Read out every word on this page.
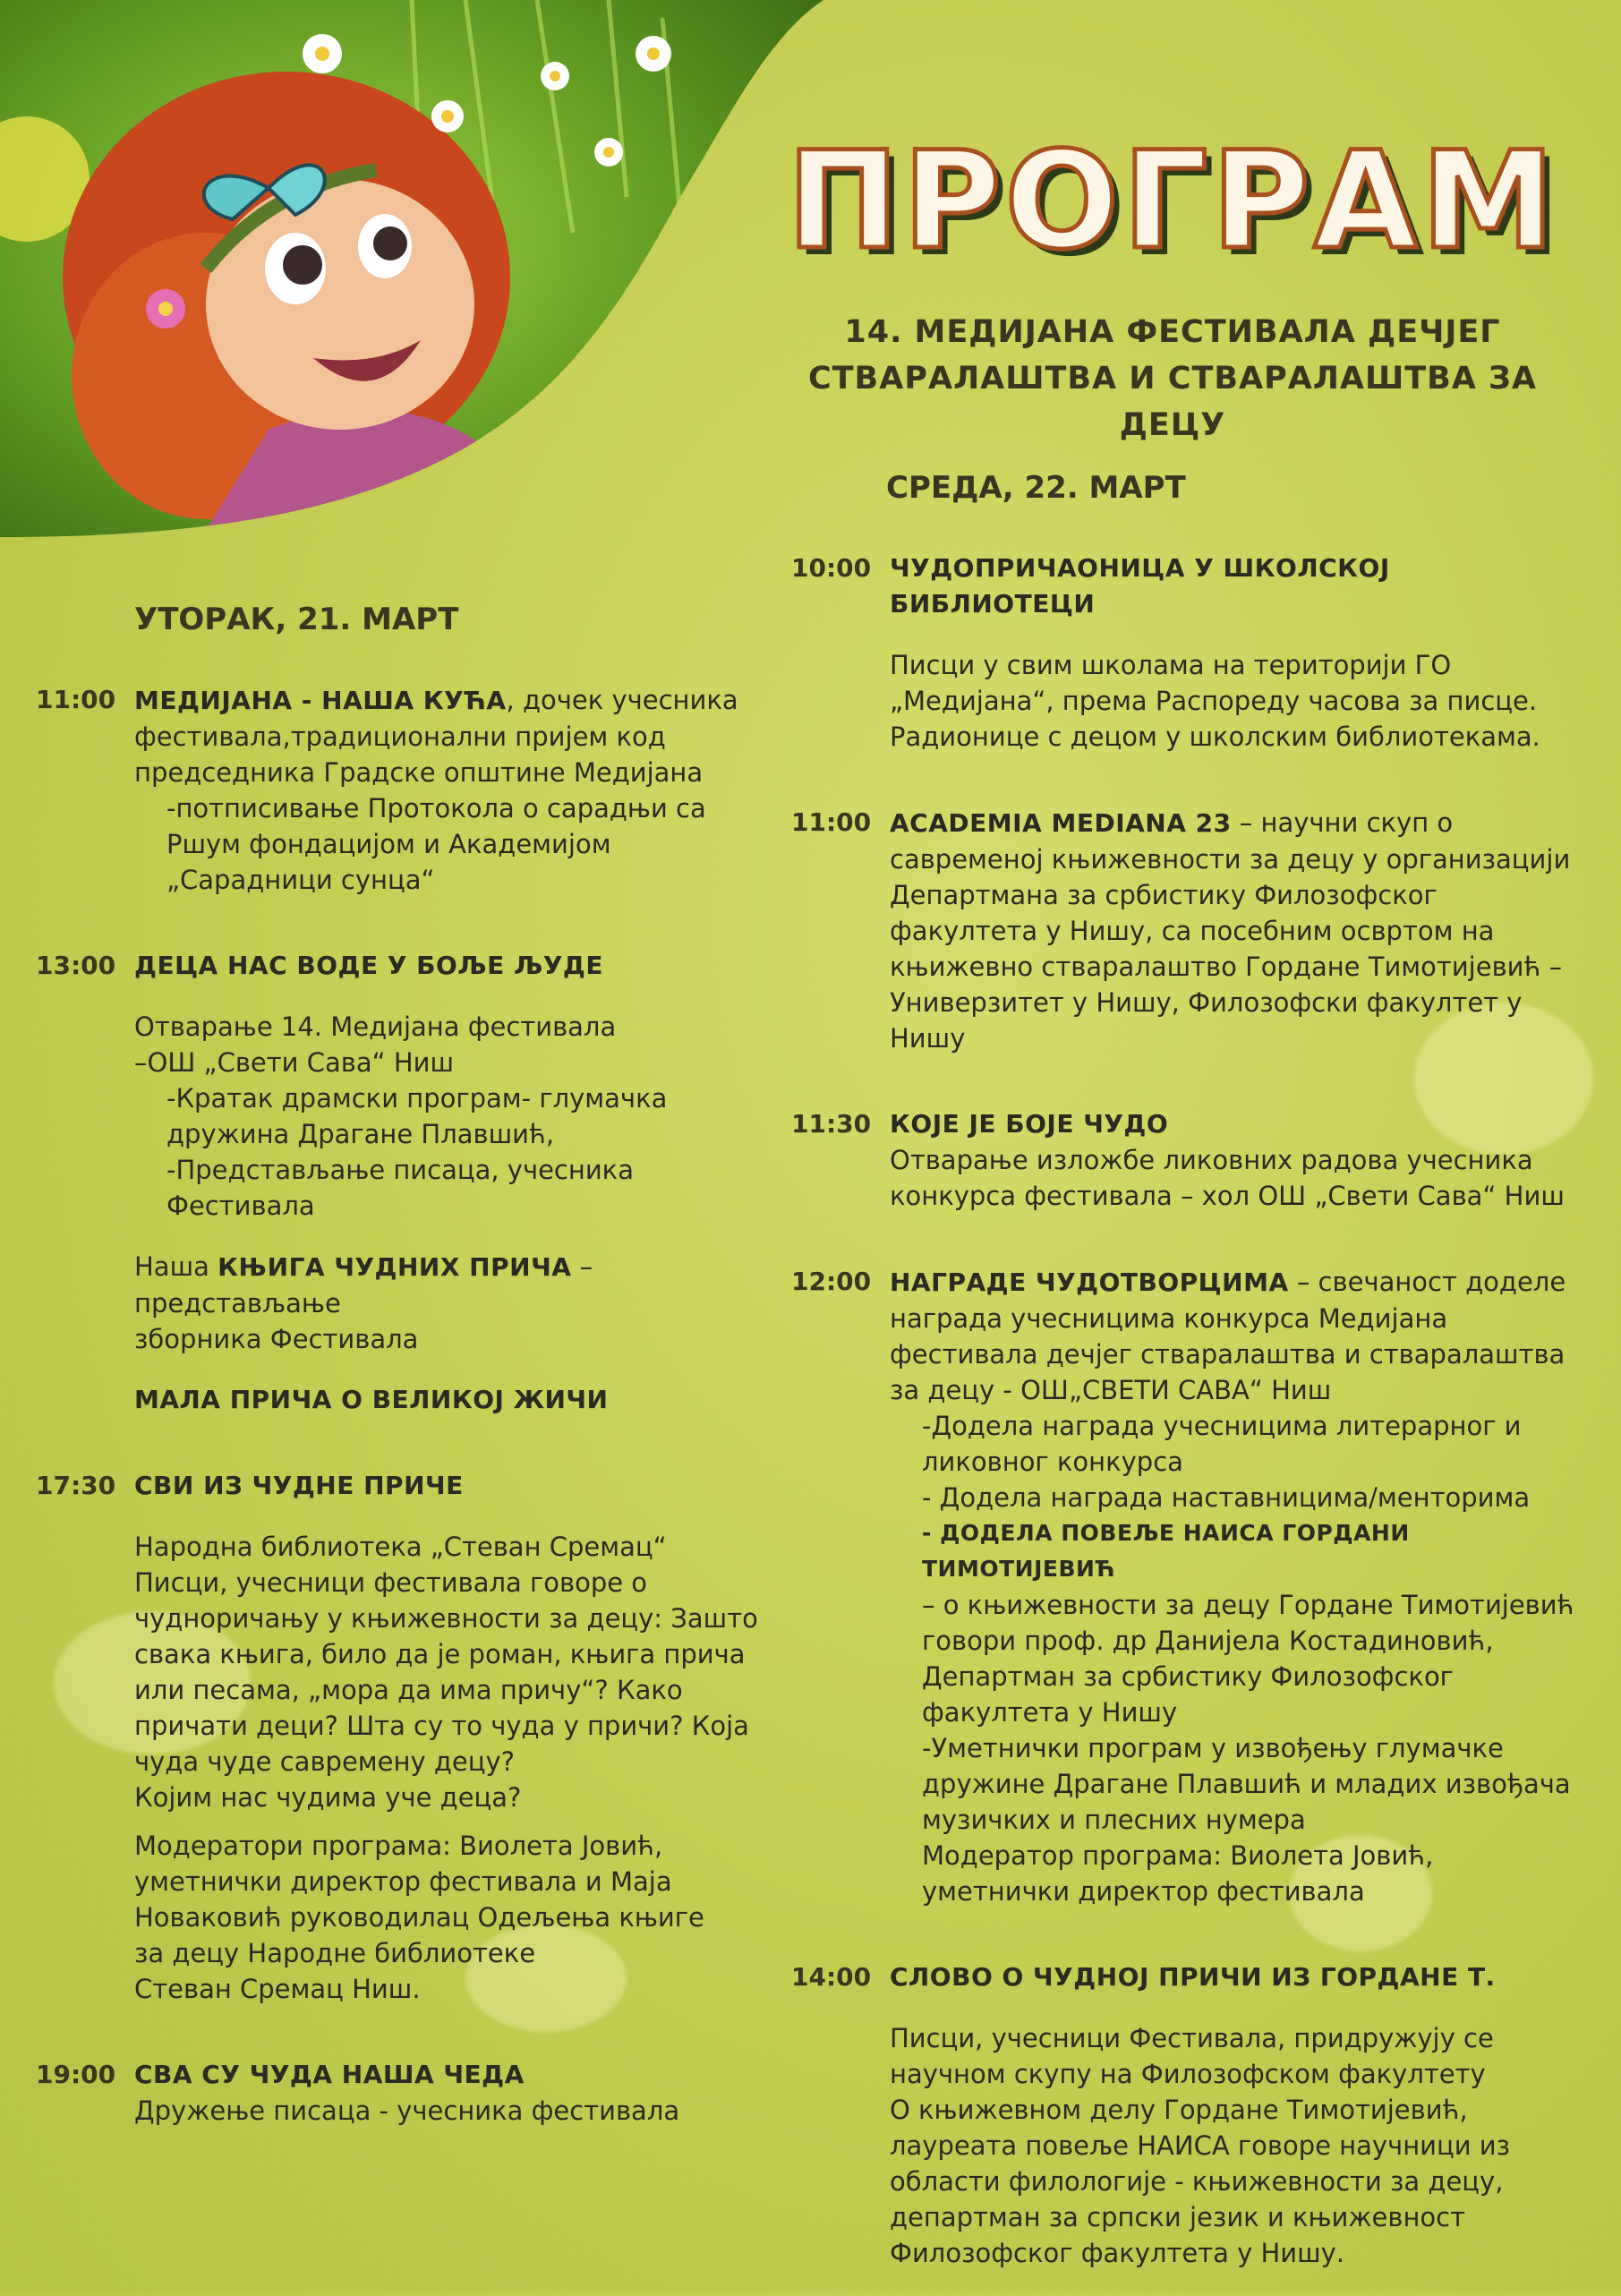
ПРОГРАМ
14. МЕДИЈАНА ФЕСТИВАЛА ДЕЧЈЕГ
СТВАРАЛАШТВА И СТВАРАЛАШТВА ЗА ДЕЦУ
УТОРАК, 21. МАРТ
11:00 МЕДИЈАНА - НАША КУЋА, дочек учесника

фестивала,традиционални пријем код

председника Градске општине Медијана

-потписивање Протокола о сарадњи са

Ршум фондацијом и Академијом

„Сарадници сунца“

13:00 ДЕЦА НАС ВОДЕ У БОЉЕ ЉУДЕ

Отварање 14. Медијана фестивала

–ОШ „Свети Сава“ Ниш

-Кратак драмски програм- глумачка

дружина Драгане Плавшић,

-Представљање писаца, учесника

Фестивала

Наша КЊИГА ЧУДНИХ ПРИЧА – представљање

зборника Фестивала

МАЛА ПРИЧА О ВЕЛИКОЈ ЖИЧИ

17:30 СВИ ИЗ ЧУДНЕ ПРИЧЕ

Народна библиотека „Стеван Сремац“

Писци, учесници фестивала говоре о

чудноричању у књижевности за децу: Зашто

свака књига, било да је роман, књига прича

или песама, „мора да има причу“? Како

причати деци? Шта су то чуда у причи? Која

чуда чуде савремену децу?

Којим нас чудима уче деца?

Модератори програма: Виолета Јовић,

уметнички директор фестивала и Маја

Новаковић руководилац Одељења књиге

за децу Народне библиотеке

Стеван Сремац Ниш.

19:00 СВА СУ ЧУДА НАША ЧЕДА

Дружење писаца - учесника фестивала

СРЕДА, 22. МАРТ
10:00 ЧУДОПРИЧАОНИЦА У ШКОЛСКОЈ БИБЛИОТЕЦИ

Писци у свим школама на територији ГО

„Медијана“, према Распореду часова за писце.

Радионице с децом у школским библиотекама.

11:00 ACADEMIA MEDIANA 23 – научни скуп о

савременој књижевности за децу у организацији

Департмана за србистику Филозофског

факултета у Нишу, са посебним освртом на

књижевно стваралаштво Гордане Тимотијевић –

Универзитет у Нишу, Филозофски факултет у

Нишу

11:30 КОЈЕ ЈЕ БОЈЕ ЧУДО

Отварање изложбе ликовних радова учесника

конкурса фестивала – хол ОШ „Свети Сава“ Ниш

12:00 НАГРАДЕ ЧУДОТВОРЦИМА – свечаност доделе

награда учесницима конкурса Медијана

фестивала дечјег стваралаштва и стваралаштва

за децу - ОШ„СВЕТИ САВА“ Ниш

-Додела награда учесницима литерарног и

ликовног конкурса

- Додела награда наставницима/менторима

- ДОДЕЛА ПОВЕЉЕ НАИСА ГОРДАНИ ТИМОТИЈЕВИЋ

– о књижевности за децу Гордане Тимотијевић

говори проф. др Данијела Костадиновић,

Департман за србистику Филозофског

факултета у Нишу

-Уметнички програм у извођењу глумачке

дружине Драгане Плавшић и младих извођача

музичких и плесних нумера

Модератор програма: Виолета Јовић,

уметнички директор фестивала

14:00 СЛОВО О ЧУДНОЈ ПРИЧИ ИЗ ГОРДАНЕ Т.

Писци, учесници Фестивала, придружују се

научном скупу на Филозофском факултету

О књижевном делу Гордане Тимотијевић,

лауреата повеље НАИСА говоре научници из

области филологије - књижевности за децу,

департман за српски језик и књижевност

Филозофског факултета у Нишу.
